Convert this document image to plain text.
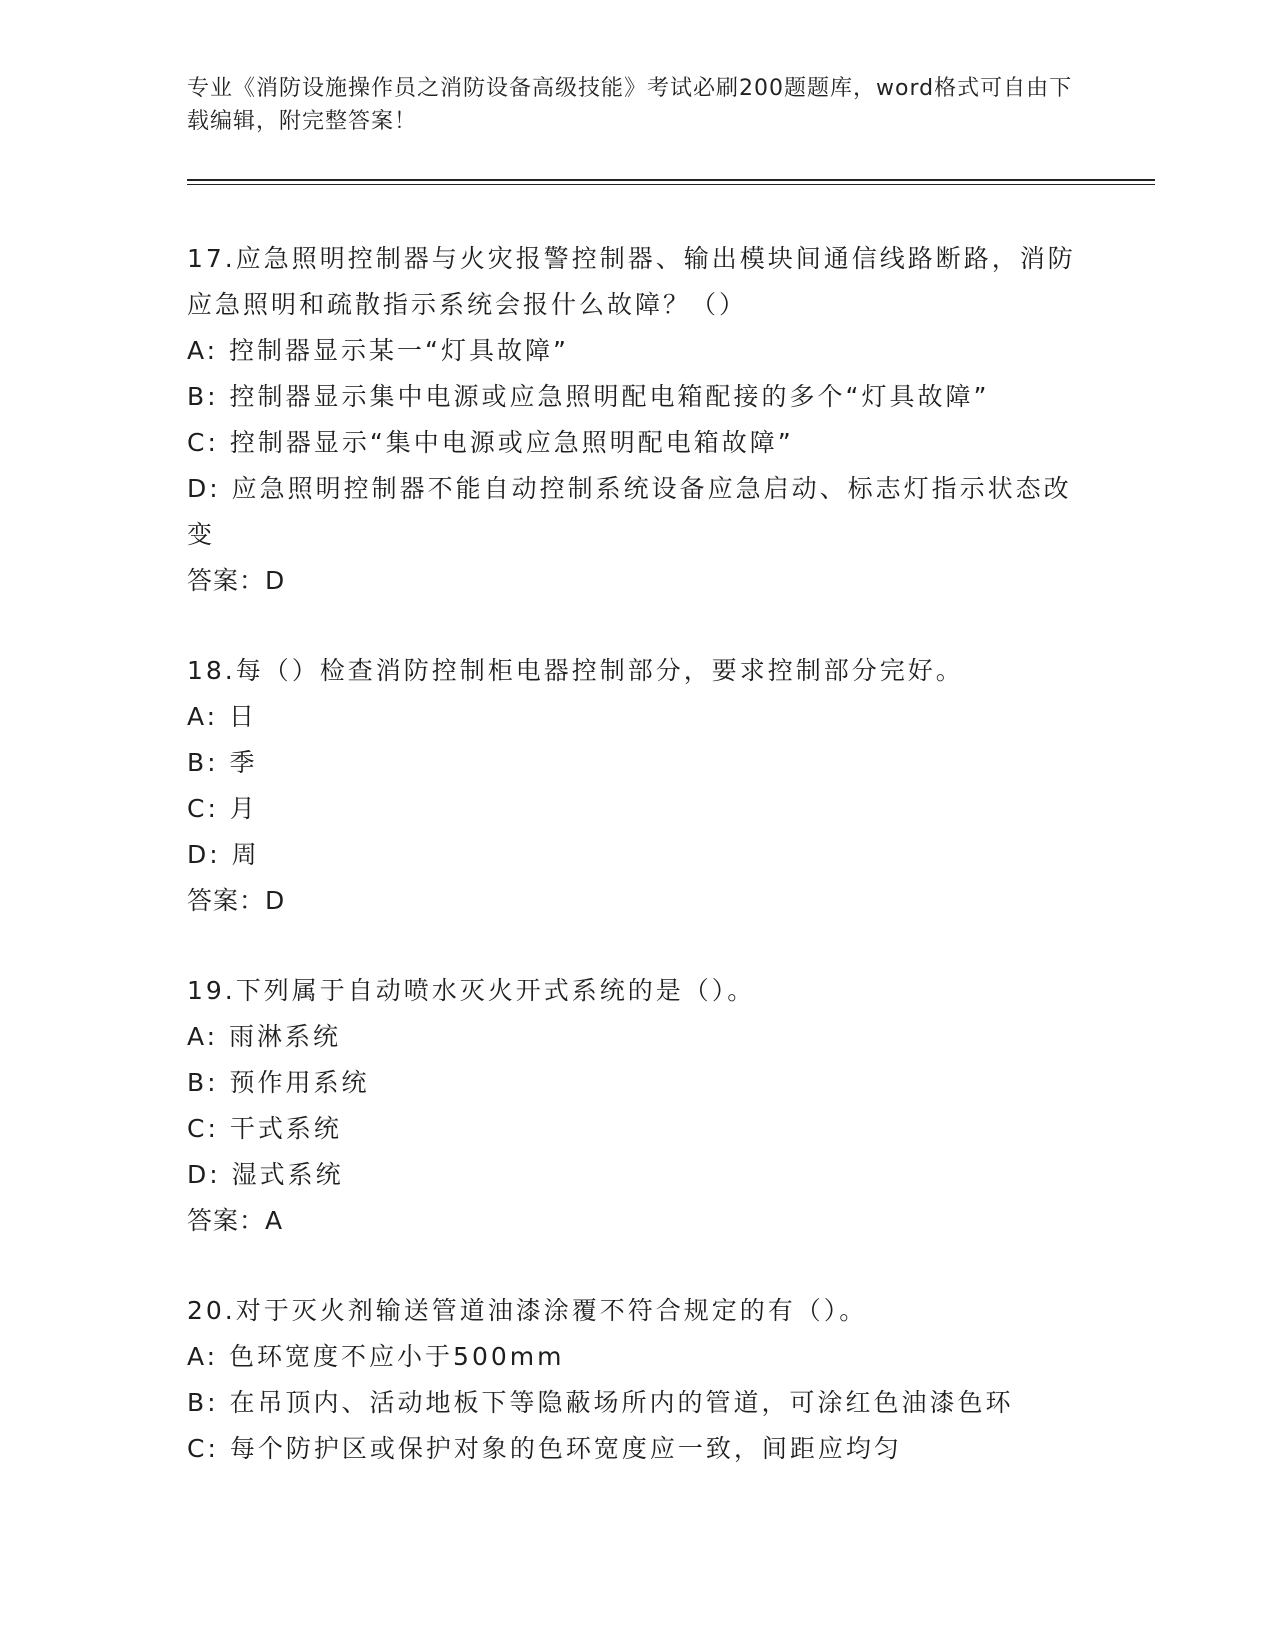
专业《消防设施操作员之消防设备高级技能》考试必刷200题题库，word格式可自由下载编辑，附完整答案！
17.应急照明控制器与火灾报警控制器、输出模块间通信线路断路，消防应急照明和疏散指示系统会报什么故障？（）
A: 控制器显示某一“灯具故障”
B: 控制器显示集中电源或应急照明配电箱配接的多个“灯具故障”
C: 控制器显示“集中电源或应急照明配电箱故障”
D: 应急照明控制器不能自动控制系统设备应急启动、标志灯指示状态改变
答案：D
18.每（）检查消防控制柜电器控制部分，要求控制部分完好。
A: 日
B: 季
C: 月
D: 周
答案：D
19.下列属于自动喷水灭火开式系统的是（）。
A: 雨淋系统
B: 预作用系统
C: 干式系统
D: 湿式系统
答案：A
20.对于灭火剂输送管道油漆涂覆不符合规定的有（）。
A: 色环宽度不应小于500mm
B: 在吊顶内、活动地板下等隐蔽场所内的管道，可涂红色油漆色环
C: 每个防护区或保护对象的色环宽度应一致，间距应均匀
